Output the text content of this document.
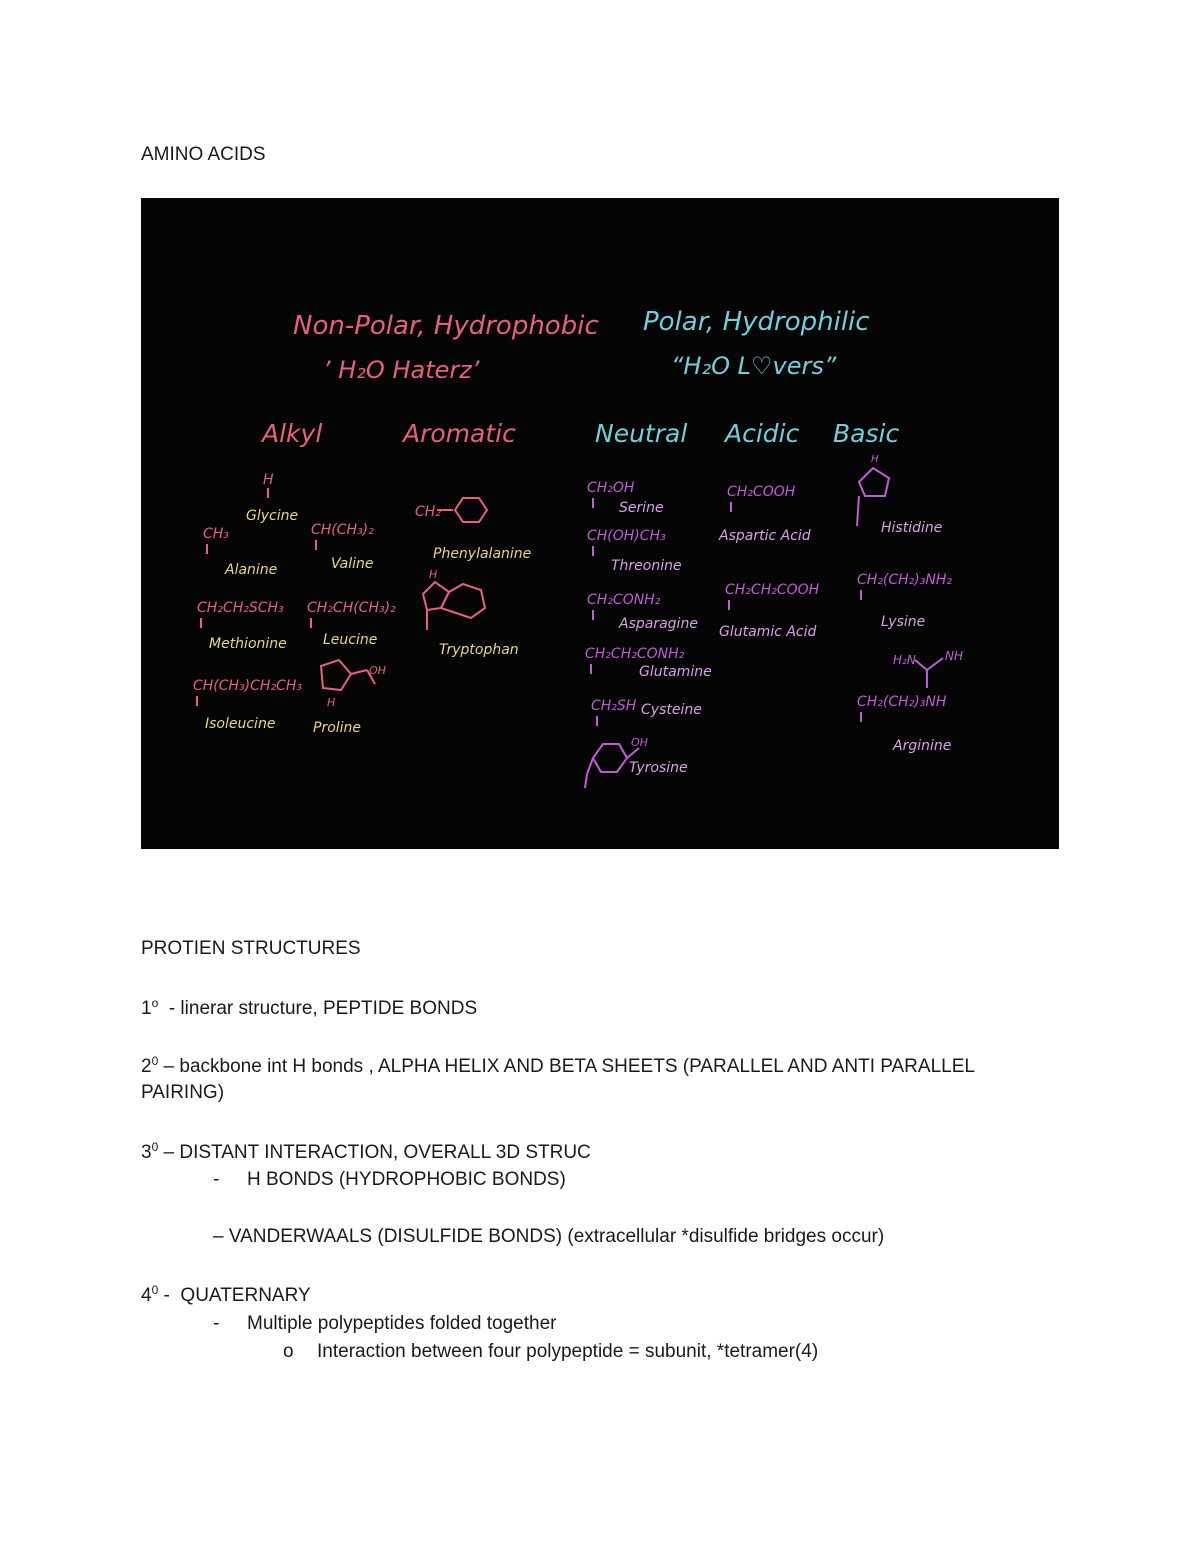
AMINO ACIDS
Non-Polar, Hydrophobic
’ H₂O Haterz’
Polar, Hydrophilic
“H₂O L♡vers”
Alkyl	Aromatic	Neutral Acidic Basic
H
Glycine
CH₃
Alanine
CH(CH₃)₂
Valine
CH₂CH₂SCH₃
Methionine
CH₂CH(CH₃)₂
Leucine
CH(CH₃)CH₂CH₃
Isoleucine
OH
H
Proline
CH₂
Phenylalanine
H
Tryptophan
CH₂OH
Serine
CH(OH)CH₃
Threonine
CH₂CONH₂
Asparagine
CH₂CH₂CONH₂
Glutamine
CH₂SH Cysteine
OH
Tyrosine
CH₂COOH
Aspartic Acid
CH₂CH₂COOH
Glutamic Acid
H
Histidine
CH₂(CH₂)₃NH₂
Lysine
H₂N NH
CH₂(CH₂)₃NH
Arginine
PROTIEN STRUCTURES
1$^o$  - linerar structure, PEPTIDE BONDS
$2^0$ – backbone int H bonds , ALPHA HELIX AND BETA SHEETS (PARALLEL AND ANTI PARALLEL
PAIRING)
$3^0$ – DISTANT INTERACTION, OVERALL 3D STRUC
- H BONDS (HYDROPHOBIC BONDS)
– VANDERWAALS (DISULFIDE BONDS) (extracellular *disulfide bridges occur)
$4^0$ -  QUATERNARY
- Multiple polypeptides folded together
o Interaction between four polypeptide = subunit, *tetramer(4)
